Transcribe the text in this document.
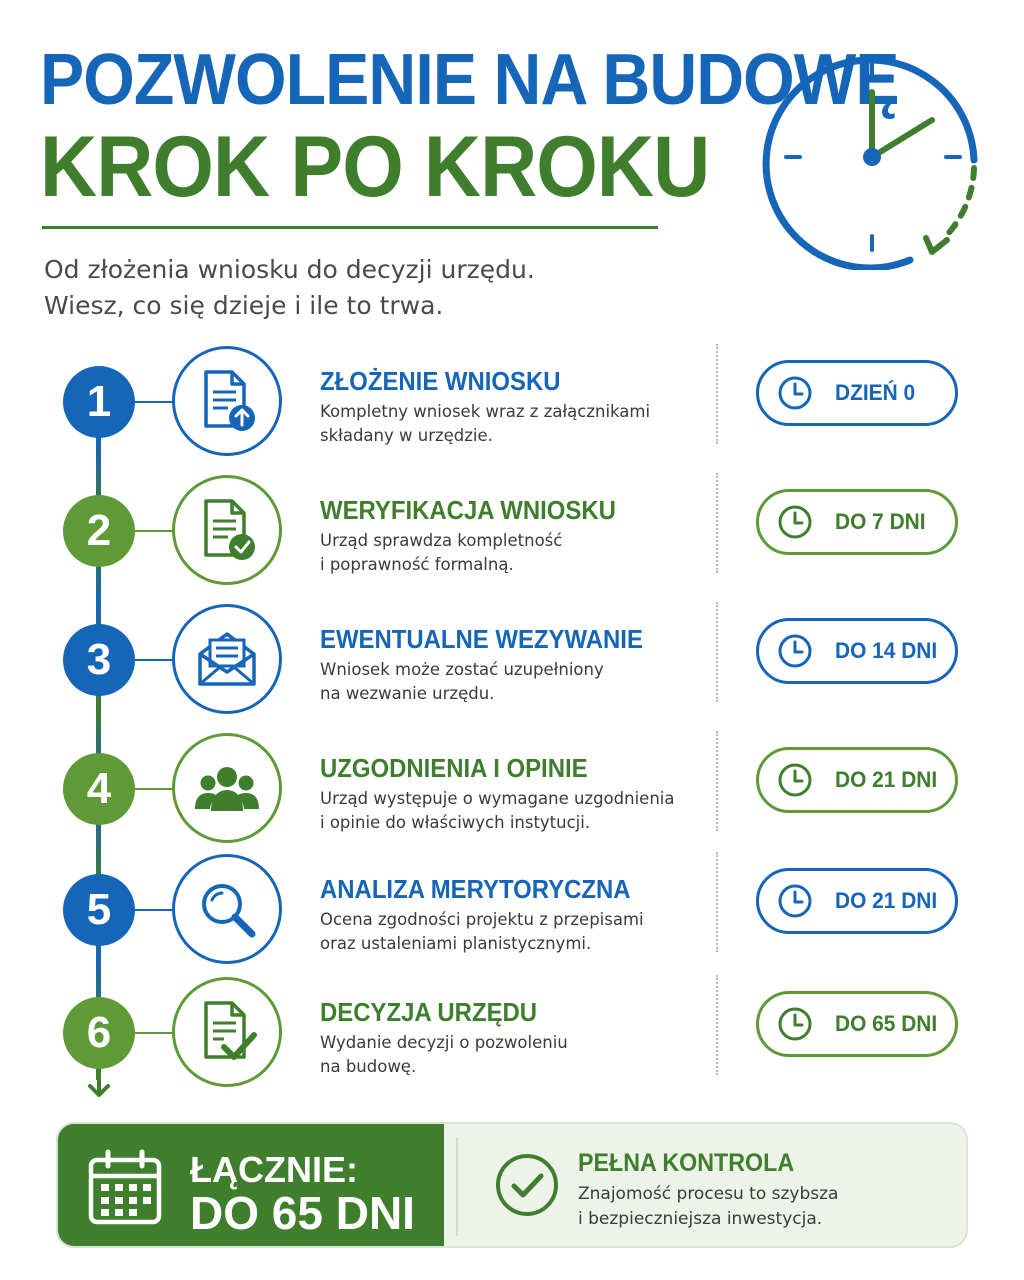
POZWOLENIE NA BUDOWĘ
KROK PO KROKU
Od złożenia wniosku do decyzji urzędu.
Wiesz, co się dzieje i ile to trwa.
1	ZŁOŻENIE WNIOSKU
Kompletny wniosek wraz z załącznikami
składany w urzędzie.
DZIEŃ 0
2	WERYFIKACJA WNIOSKU
Urząd sprawdza kompletność
i poprawność formalną.
DO 7 DNI
3	EWENTUALNE WEZYWANIE
Wniosek może zostać uzupełniony
na wezwanie urzędu.
DO 14 DNI
4	UZGODNIENIA I OPINIE
Urząd występuje o wymagane uzgodnienia
i opinie do właściwych instytucji.
DO 21 DNI
5	ANALIZA MERYTORYCZNA
Ocena zgodności projektu z przepisami
oraz ustaleniami planistycznymi.
DO 21 DNI
6	DECYZJA URZĘDU
Wydanie decyzji o pozwoleniu
na budowę.
DO 65 DNI
ŁĄCZNIE:
DO 65 DNI
PEŁNA KONTROLA
Znajomość procesu to szybsza
i bezpieczniejsza inwestycja.
